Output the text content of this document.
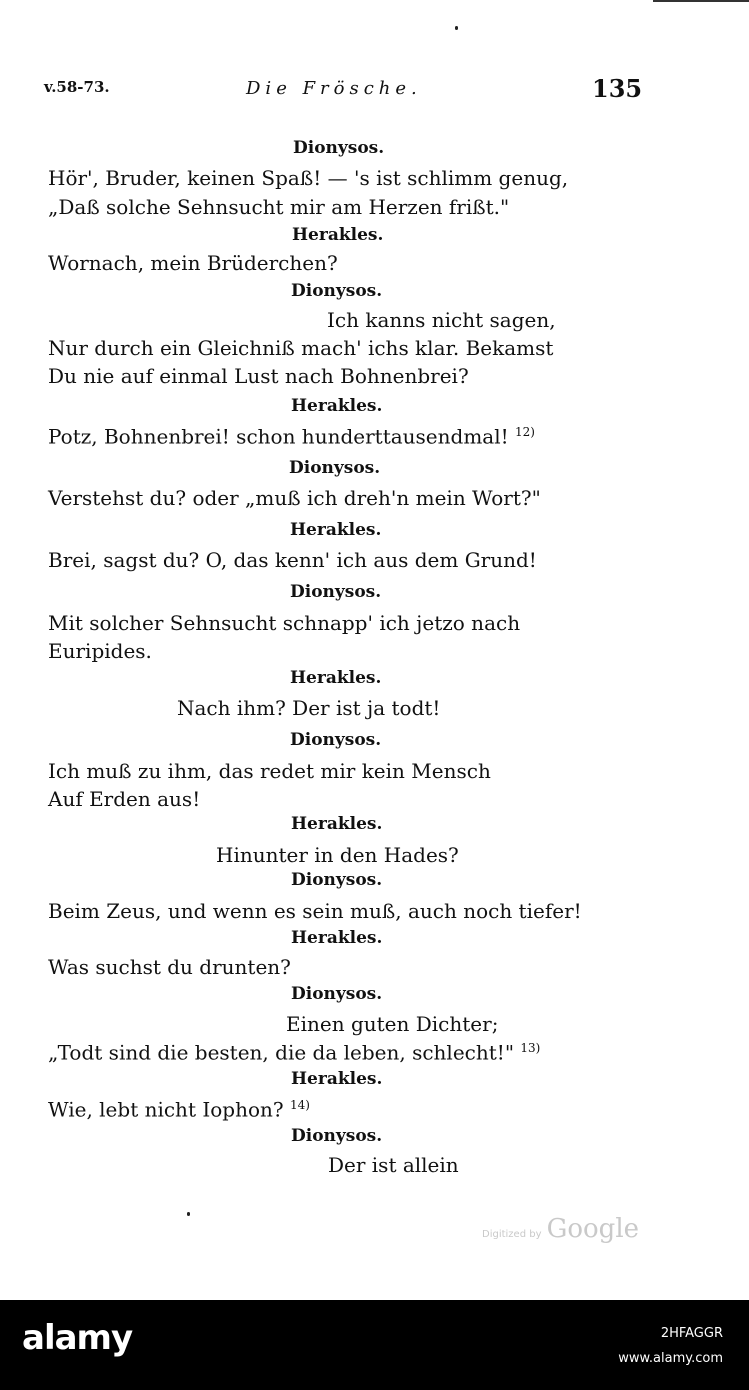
v.58-73.	Die Frösche.	135
Dionysos.
Hör', Bruder, keinen Spaß! — 's ist schlimm genug,
„Daß solche Sehnsucht mir am Herzen frißt."
Herakles.
Wornach, mein Brüderchen?
Dionysos.
Ich kanns nicht sagen,
Nur durch ein Gleichniß mach' ichs klar. Bekamst
Du nie auf einmal Lust nach Bohnenbrei?
Herakles.
Potz, Bohnenbrei! schon hunderttausendmal! $^{12)}$
Dionysos.
Verstehst du? oder „muß ich dreh'n mein Wort?"
Herakles.
Brei, sagst du? O, das kenn' ich aus dem Grund!
Dionysos.
Mit solcher Sehnsucht schnapp' ich jetzo nach
Euripides.
Herakles.
Nach ihm? Der ist ja todt!
Dionysos.
Ich muß zu ihm, das redet mir kein Mensch
Auf Erden aus!
Herakles.
Hinunter in den Hades?
Dionysos.
Beim Zeus, und wenn es sein muß, auch noch tiefer!
Herakles.
Was suchst du drunten?
Dionysos.
Einen guten Dichter;
„Todt sind die besten, die da leben, schlecht!" $^{13)}$
Herakles.
Wie, lebt nicht Iophon? $^{14)}$
Dionysos.
Der ist allein
Digitized by Google
alamy	2HFAGGR
www.alamy.com
